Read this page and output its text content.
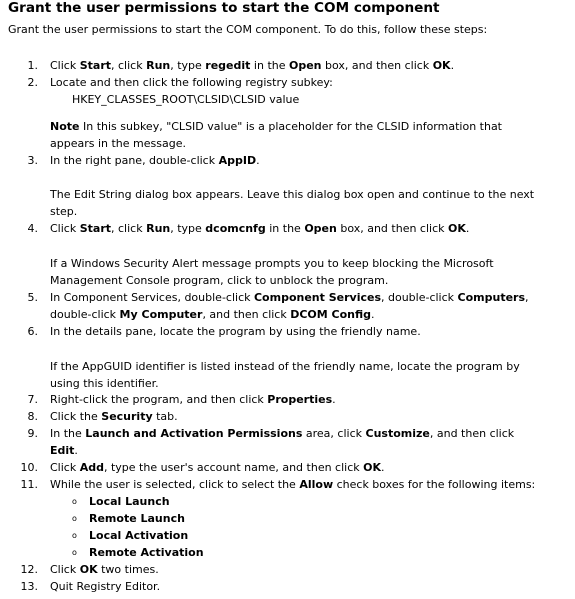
Grant the user permissions to start the COM component
Grant the user permissions to start the COM component. To do this, follow these steps:
1. Click Start, click Run, type regedit in the Open box, and then click OK.
2. Locate and then click the following registry subkey:
HKEY_CLASSES_ROOT\CLSID\CLSID value
Note In this subkey, "CLSID value" is a placeholder for the CLSID information that
appears in the message.
3. In the right pane, double-click AppID.
The Edit String dialog box appears. Leave this dialog box open and continue to the next
step.
4. Click Start, click Run, type dcomcnfg in the Open box, and then click OK.
If a Windows Security Alert message prompts you to keep blocking the Microsoft
Management Console program, click to unblock the program.
5. In Component Services, double-click Component Services, double-click Computers,
double-click My Computer, and then click DCOM Config.
6. In the details pane, locate the program by using the friendly name.
If the AppGUID identifier is listed instead of the friendly name, locate the program by
using this identifier.
7. Right-click the program, and then click Properties.
8. Click the Security tab.
9. In the Launch and Activation Permissions area, click Customize, and then click
Edit.
10. Click Add, type the user's account name, and then click OK.
11. While the user is selected, click to select the Allow check boxes for the following items:
o	Local Launch
o	Remote Launch
o	Local Activation
o	Remote Activation
12. Click OK two times.
13. Quit Registry Editor.
